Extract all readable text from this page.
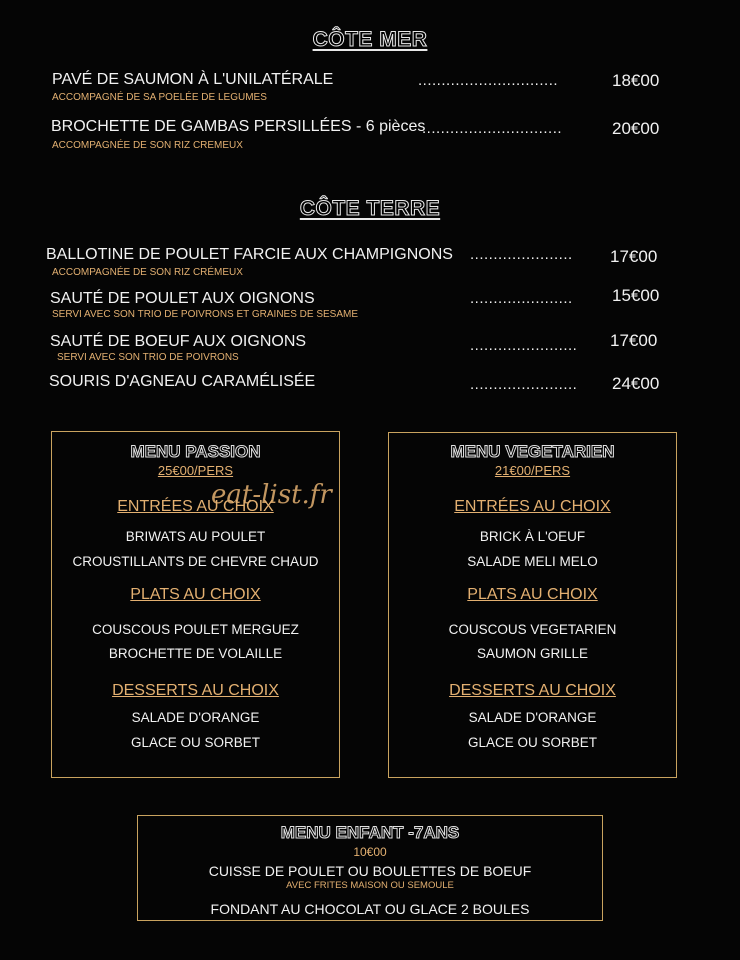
CÔTE MER
PAVÉ DE SAUMON À L'UNILATÉRALE
ACCOMPAGNÉ DE SA POELÉE DE LEGUMES
..............................	18€00
BROCHETTE DE GAMBAS PERSILLÉES - 6 pièces
ACCOMPAGNÉE DE SON RIZ CREMEUX
..............................	20€00
CÔTE TERRE
BALLOTINE DE POULET FARCIE AUX CHAMPIGNONS
ACCOMPAGNÉE DE SON RIZ CRÉMEUX
...................... 17€00
SAUTÉ DE POULET AUX OIGNONS
SERVI AVEC SON TRIO DE POIVRONS ET GRAINES DE SESAME
...................... 15€00
SAUTÉ DE BOEUF AUX OIGNONS
SERVI AVEC SON TRIO DE POIVRONS
....................... 17€00
SOURIS D'AGNEAU CARAMÉLISÉE	....................... 24€00
MENU PASSION
25€00/PERS
ENTRÉES AU CHOIX
BRIWATS AU POULET
CROUSTILLANTS DE CHEVRE CHAUD
PLATS AU CHOIX
COUSCOUS POULET MERGUEZ
BROCHETTE DE VOLAILLE
DESSERTS AU CHOIX
SALADE D'ORANGE
GLACE OU SORBET
MENU VEGETARIEN
21€00/PERS
ENTRÉES AU CHOIX
BRICK À L'OEUF
SALADE MELI MELO
PLATS AU CHOIX
COUSCOUS VEGETARIEN
SAUMON GRILLE
DESSERTS AU CHOIX
SALADE D'ORANGE
GLACE OU SORBET
eat-list.fr
MENU ENFANT -7ANS
10€00
CUISSE DE POULET OU BOULETTES DE BOEUF
AVEC FRITES MAISON OU SEMOULE
FONDANT AU CHOCOLAT OU GLACE 2 BOULES
